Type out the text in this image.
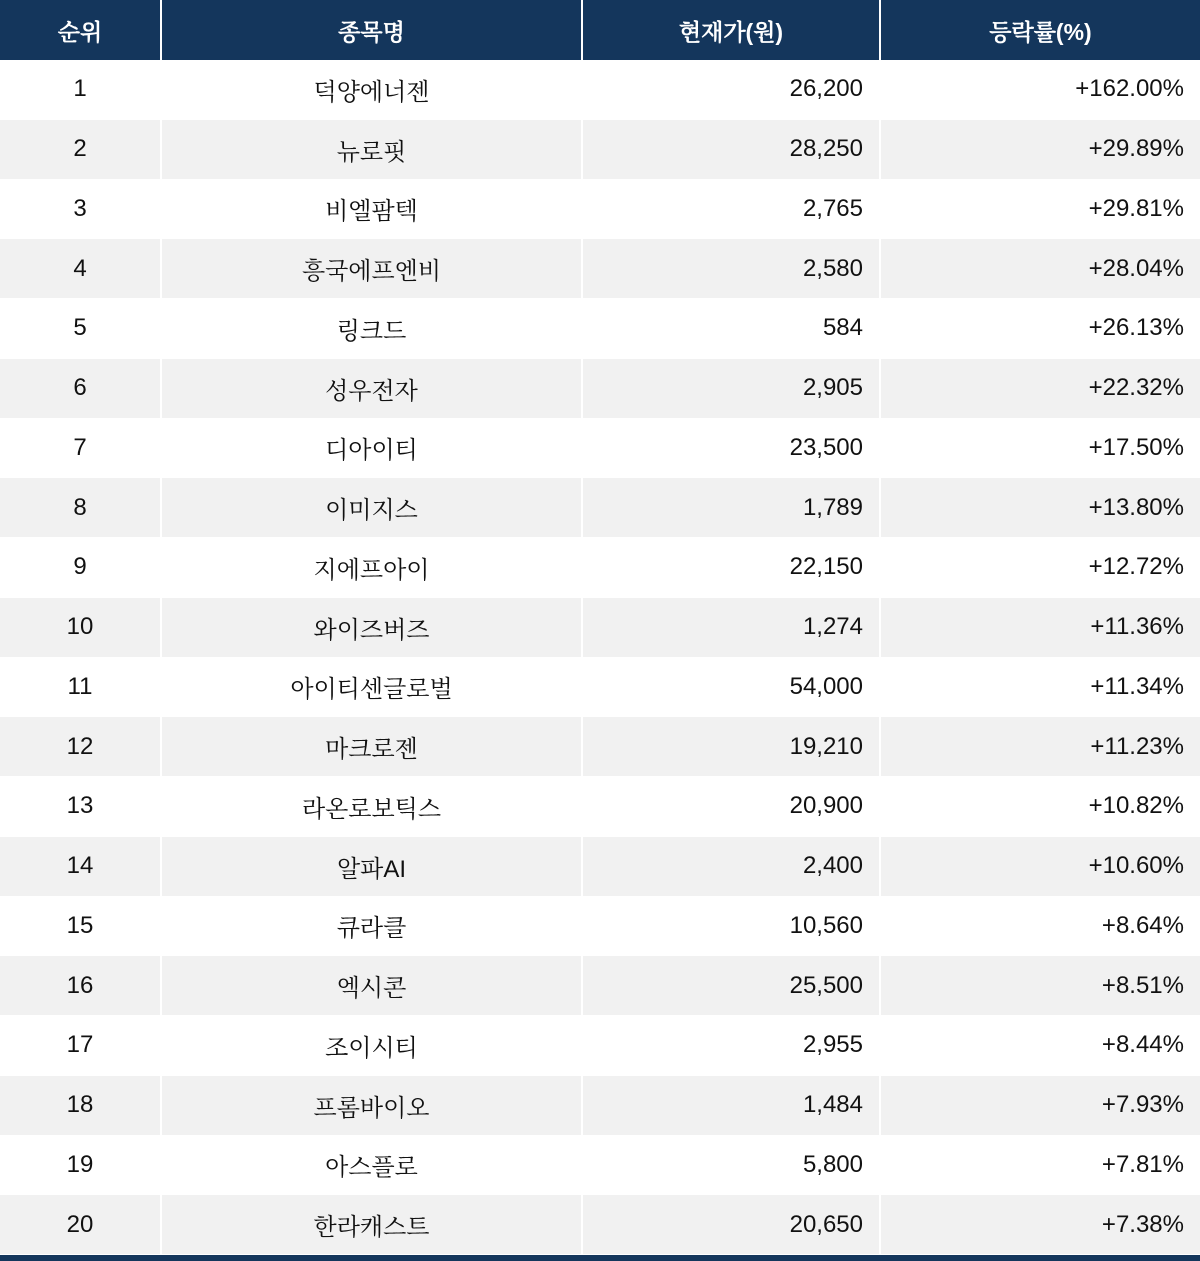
순위	종목명	현재가(원)	등락률(%)
1	덕양에너젠	26,200	+162.00%
2	뉴로핏	28,250	+29.89%
3	비엘팜텍	2,765	+29.81%
4	흥국에프엔비	2,580	+28.04%
5	링크드	584	+26.13%
6	성우전자	2,905	+22.32%
7	디아이티	23,500	+17.50%
8	이미지스	1,789	+13.80%
9	지에프아이	22,150	+12.72%
10	와이즈버즈	1,274	+11.36%
11	아이티센글로벌	54,000	+11.34%
12	마크로젠	19,210	+11.23%
13	라온로보틱스	20,900	+10.82%
14	알파AI	2,400	+10.60%
15	큐라클	10,560	+8.64%
16	엑시콘	25,500	+8.51%
17	조이시티	2,955	+8.44%
18	프롬바이오	1,484	+7.93%
19	아스플로	5,800	+7.81%
20	한라캐스트	20,650	+7.38%
